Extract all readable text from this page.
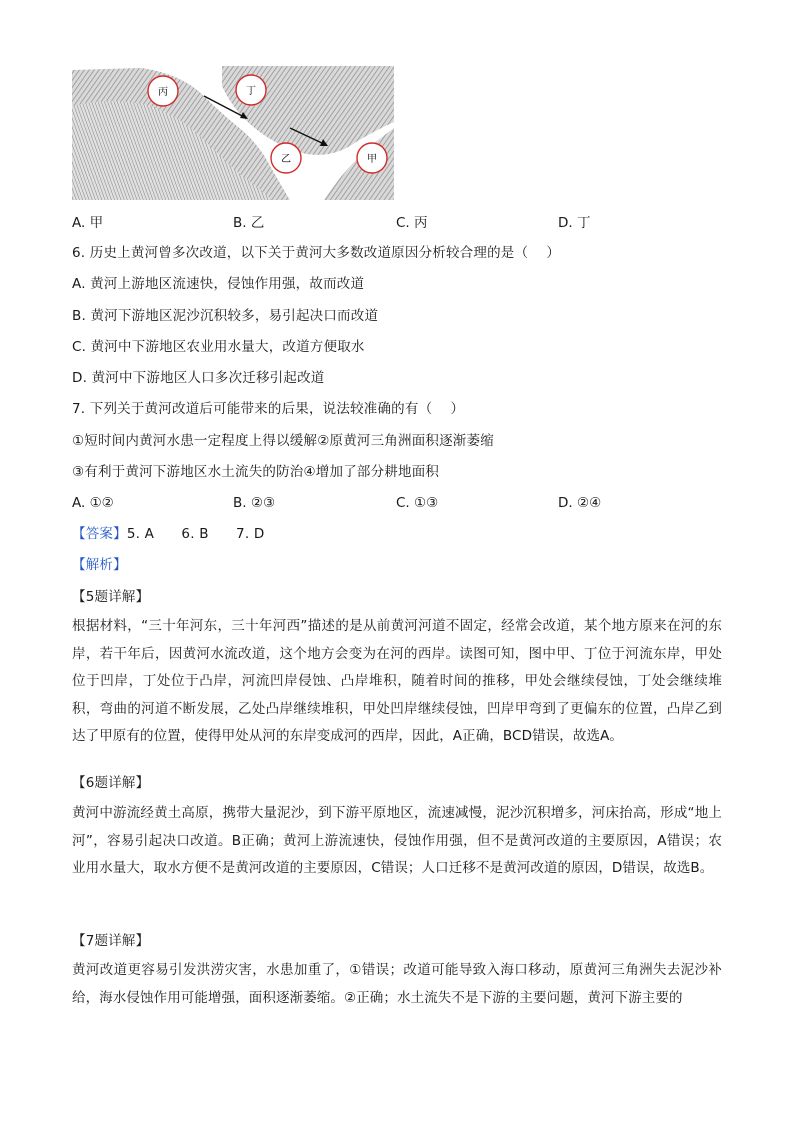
丙	丁
乙	甲
A. 甲	B. 乙	C. 丙	D. 丁
6. 历史上黄河曾多次改道，以下关于黄河大多数改道原因分析较合理的是（　 ）
A. 黄河上游地区流速快，侵蚀作用强，故而改道
B. 黄河下游地区泥沙沉积较多，易引起决口而改道
C. 黄河中下游地区农业用水量大，改道方便取水
D. 黄河中下游地区人口多次迁移引起改道
7. 下列关于黄河改道后可能带来的后果，说法较准确的有（　 ）
①短时间内黄河水患一定程度上得以缓解②原黄河三角洲面积逐渐萎缩
③有利于黄河下游地区水土流失的防治④增加了部分耕地面积
A. ①②	B. ②③	C. ①③	D. ②④
【答案】5. A　　6. B　　7. D
【解析】
【5题详解】
根据材料，“三十年河东，三十年河西”描述的是从前黄河河道不固定，经常会改道，某个地方原来在河的东岸，若干年后，因黄河水流改道，这个地方会变为在河的西岸。读图可知，图中甲、丁位于河流东岸，甲处位于凹岸，丁处位于凸岸，河流凹岸侵蚀、凸岸堆积，随着时间的推移，甲处会继续侵蚀，丁处会继续堆积，弯曲的河道不断发展，乙处凸岸继续堆积，甲处凹岸继续侵蚀，凹岸甲弯到了更偏东的位置，凸岸乙到达了甲原有的位置，使得甲处从河的东岸变成河的西岸，因此，A正确，BCD错误，故选A。
【6题详解】
黄河中游流经黄土高原，携带大量泥沙，到下游平原地区，流速减慢，泥沙沉积增多，河床抬高，形成“地上河”，容易引起决口改道。B正确；黄河上游流速快，侵蚀作用强，但不是黄河改道的主要原因，A错误；农业用水量大，取水方便不是黄河改道的主要原因，C错误；人口迁移不是黄河改道的原因，D错误，故选B。
【7题详解】
黄河改道更容易引发洪涝灾害，水患加重了，①错误；改道可能导致入海口移动，原黄河三角洲失去泥沙补给，海水侵蚀作用可能增强，面积逐渐萎缩。②正确；水土流失不是下游的主要问题，黄河下游主要的
